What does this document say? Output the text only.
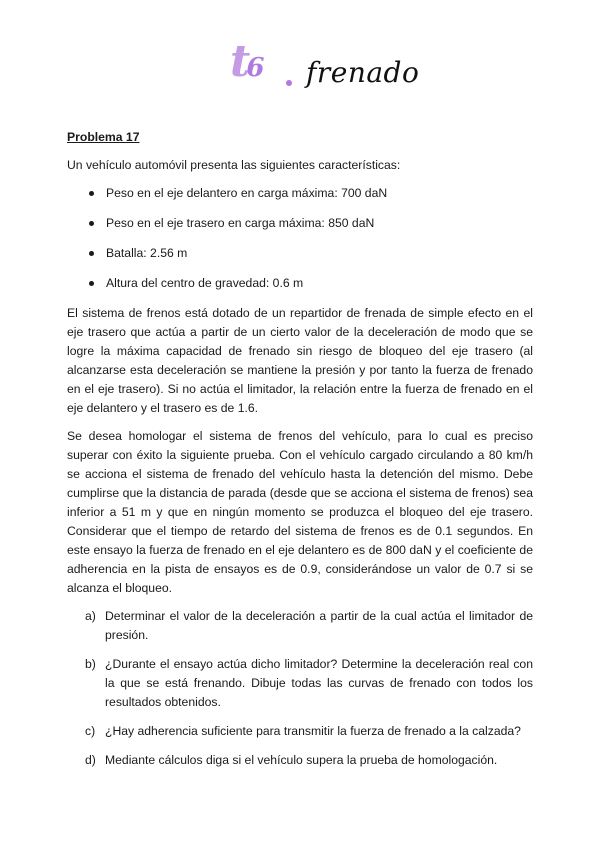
t6 frenado

Problema 17

Un vehículo automóvil presenta las siguientes características:

Peso en el eje delantero en carga máxima: 700 daN
Peso en el eje trasero en carga máxima: 850 daN
Batalla: 2.56 m
Altura del centro de gravedad: 0.6 m

El sistema de frenos está dotado de un repartidor de frenada de simple efecto en el eje trasero que actúa a partir de un cierto valor de la deceleración de modo que se logre la máxima capacidad de frenado sin riesgo de bloqueo del eje trasero (al alcanzarse esta deceleración se mantiene la presión y por tanto la fuerza de frenado en el eje trasero). Si no actúa el limitador, la relación entre la fuerza de frenado en el eje delantero y el trasero es de 1.6.

Se desea homologar el sistema de frenos del vehículo, para lo cual es preciso superar con éxito la siguiente prueba. Con el vehículo cargado circulando a 80 km/h se acciona el sistema de frenado del vehículo hasta la detención del mismo. Debe cumplirse que la distancia de parada (desde que se acciona el sistema de frenos) sea inferior a 51 m y que en ningún momento se produzca el bloqueo del eje trasero. Considerar que el tiempo de retardo del sistema de frenos es de 0.1 segundos. En este ensayo la fuerza de frenado en el eje delantero es de 800 daN y el coeficiente de adherencia en la pista de ensayos es de 0.9, considerándose un valor de 0.7 si se alcanza el bloqueo.

a) Determinar el valor de la deceleración a partir de la cual actúa el limitador de presión.
b) ¿Durante el ensayo actúa dicho limitador? Determine la deceleración real con la que se está frenando. Dibuje todas las curvas de frenado con todos los resultados obtenidos.
c) ¿Hay adherencia suficiente para transmitir la fuerza de frenado a la calzada?
d) Mediante cálculos diga si el vehículo supera la prueba de homologación.
